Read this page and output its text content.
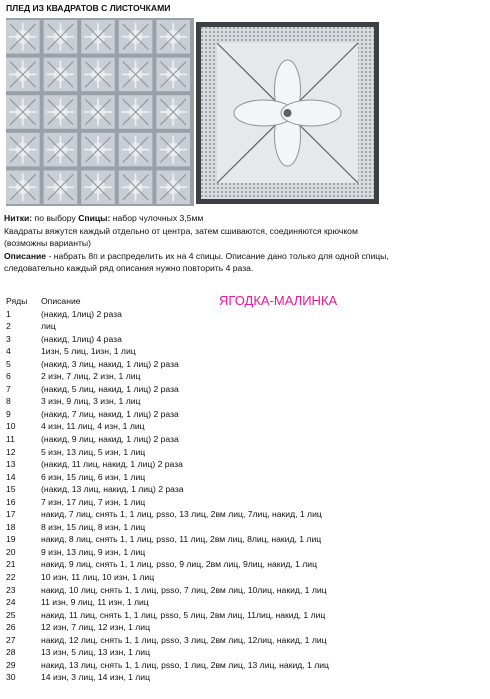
ПЛЕД ИЗ КВАДРАТОВ С ЛИСТОЧКАМИ
Нитки: по выбору Спицы: набор чулочных 3,5мм
Квадраты вяжутся каждый отдельно от центра, затем сшиваются, соединяются крючком
(возможны варианты)
Описание - набрать 8п и распределить их на 4 спицы. Описание дано только для одной спицы,
следовательно каждый ряд описания нужно повторить 4 раза.
ЯГОДКА-МАЛИНКА
Ряды Описание
1	(накид, 1лиц) 2 раза
2	лиц
3	(накид, 1лиц) 4 раза
4	1изн, 5 лиц, 1изн, 1 лиц
5	(накид, 3 лиц, накид, 1 лиц) 2 раза
6	2 изн, 7 лиц, 2 изн, 1 лиц
7	(накид, 5 лиц, накид, 1 лиц) 2 раза
8	3 изн, 9 лиц, 3 изн, 1 лиц
9	(накид, 7 лиц, накид, 1 лиц) 2 раза
10	4 изн, 11 лиц, 4 изн, 1 лиц
11	(накид, 9 лиц, накид, 1 лиц) 2 раза
12	5 изн, 13 лиц, 5 изн, 1 лиц
13	(накид, 11 лиц, накид, 1 лиц) 2 раза
14	6 изн, 15 лиц, 6 изн, 1 лиц
15	(накид, 13 лиц, накид, 1 лиц) 2 раза
16	7 изн, 17 лиц, 7 изн, 1 лиц
17	накид, 7 лиц, снять 1, 1 лиц, psso, 13 лиц, 2вм лиц, 7лиц, накид, 1 лиц
18	8 изн, 15 лиц, 8 изн, 1 лиц
19	накид, 8 лиц, снять 1, 1 лиц, psso, 11 лиц, 2вм лиц, 8лиц, накид, 1 лиц
20	9 изн, 13 лиц, 9 изн, 1 лиц
21	накид, 9 лиц, снять 1, 1 лиц, psso, 9 лиц, 2вм лиц, 9лиц, накид, 1 лиц
22	10 изн, 11 лиц, 10 изн, 1 лиц
23	накид, 10 лиц, снять 1, 1 лиц, psso, 7 лиц, 2вм лиц, 10лиц, накид, 1 лиц
24	11 изн, 9 лиц, 11 изн, 1 лиц
25	накид, 11 лиц, снять 1, 1 лиц, psso, 5 лиц, 2вм лиц, 11лиц, накид, 1 лиц
26	12 изн, 7 лиц, 12 изн, 1 лиц
27	накид, 12 лиц, снять 1, 1 лиц, psso, 3 лиц, 2вм лиц, 12лиц, накид, 1 лиц
28	13 изн, 5 лиц, 13 изн, 1 лиц
29	накид, 13 лиц, снять 1, 1 лиц, psso, 1 лиц, 2вм лиц, 13 лиц, накид, 1 лиц
30	14 изн, 3 лиц, 14 изн, 1 лиц
